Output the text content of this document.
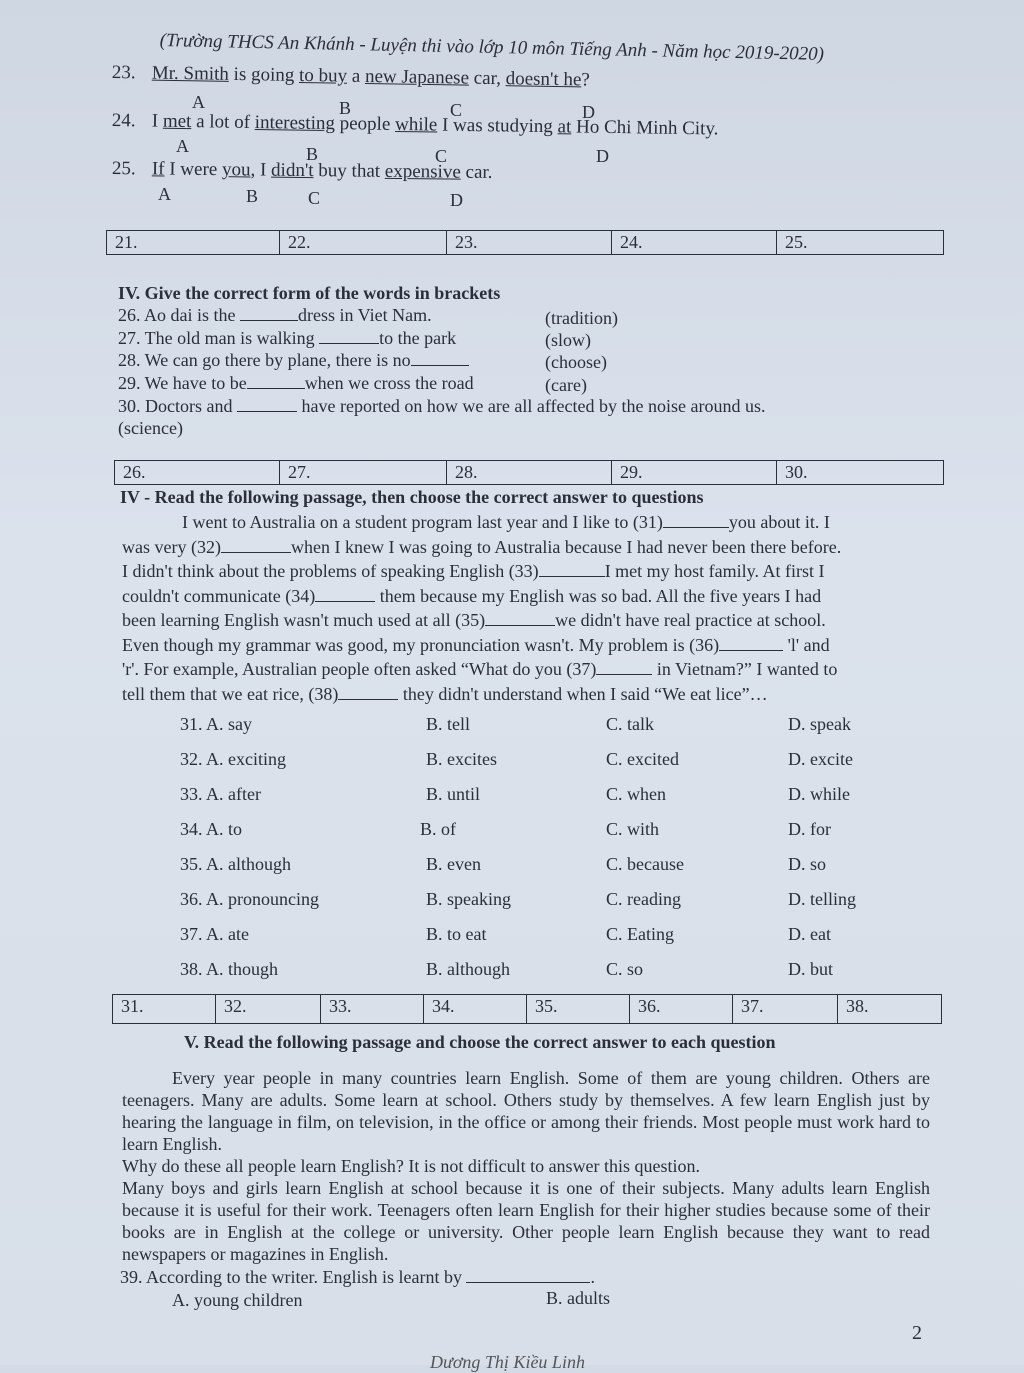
(Trường THCS An Khánh - Luyện thi vào lớp 10 môn Tiếng Anh - Năm học 2019-2020)
23. Mr. Smith is going to buy a new Japanese car, doesn't he?
A	B	C	D
24. I met a lot of interesting people while I was studying at Ho Chi Minh City.
A	B	C	D
25. If I were you, I didn't buy that expensive car.
A	B	C	D
21.	22.	23.	24.	25.
IV. Give the correct form of the words in brackets
26. Ao dai is the	dress in Viet Nam.	(tradition)
27. The old man is walking	to the park	(slow)
28. We can go there by plane, there is no	(choose)
29. We have to be	when we cross the road	(care)
30. Doctors and	have reported on how we are all affected by the noise around us.
(science)
26.	27.	28.	29.	30.
IV - Read the following passage, then choose the correct answer to questions
I went to Australia on a student program last year and I like to (31)	you about it. I
was very (32)	when I knew I was going to Australia because I had never been there before.
I didn't think about the problems of speaking English (33)	I met my host family. At first I
couldn't communicate (34)	them because my English was so bad. All the five years I had
been learning English wasn't much used at all (35)	we didn't have real practice at school.
Even though my grammar was good, my pronunciation wasn't. My problem is (36)	'l' and
'r'. For example, Australian people often asked “What do you (37)	in Vietnam?” I wanted to
tell them that we eat rice, (38)	they didn't understand when I said “We eat lice”…
31. A. say	B. tell	C. talk	D. speak
32. A. exciting	B. excites	C. excited	D. excite
33. A. after	B. until	C. when	D. while
34. A. to	B. of	C. with	D. for
35. A. although	B. even	C. because	D. so
36. A. pronouncing	B. speaking	C. reading	D. telling
37. A. ate	B. to eat	C. Eating	D. eat
38. A. though	B. although	C. so	D. but
31.	32.	33.	34.	35.	36.	37.	38.
V. Read the following passage and choose the correct answer to each question
Every year people in many countries learn English. Some of them are young children. Others are teenagers. Many are adults. Some learn at school. Others study by themselves. A few learn English just by hearing the language in film, on television, in the office or among their friends. Most people must work hard to learn English.
Why do these all people learn English? It is not difficult to answer this question.
Many boys and girls learn English at school because it is one of their subjects. Many adults learn English because it is useful for their work. Teenagers often learn English for their higher studies because some of their books are in English at the college or university. Other people learn English because they want to read newspapers or magazines in English.
39. According to the writer. English is learnt by	.
A. young children	B. adults
2
Dương Thị Kiều Linh
